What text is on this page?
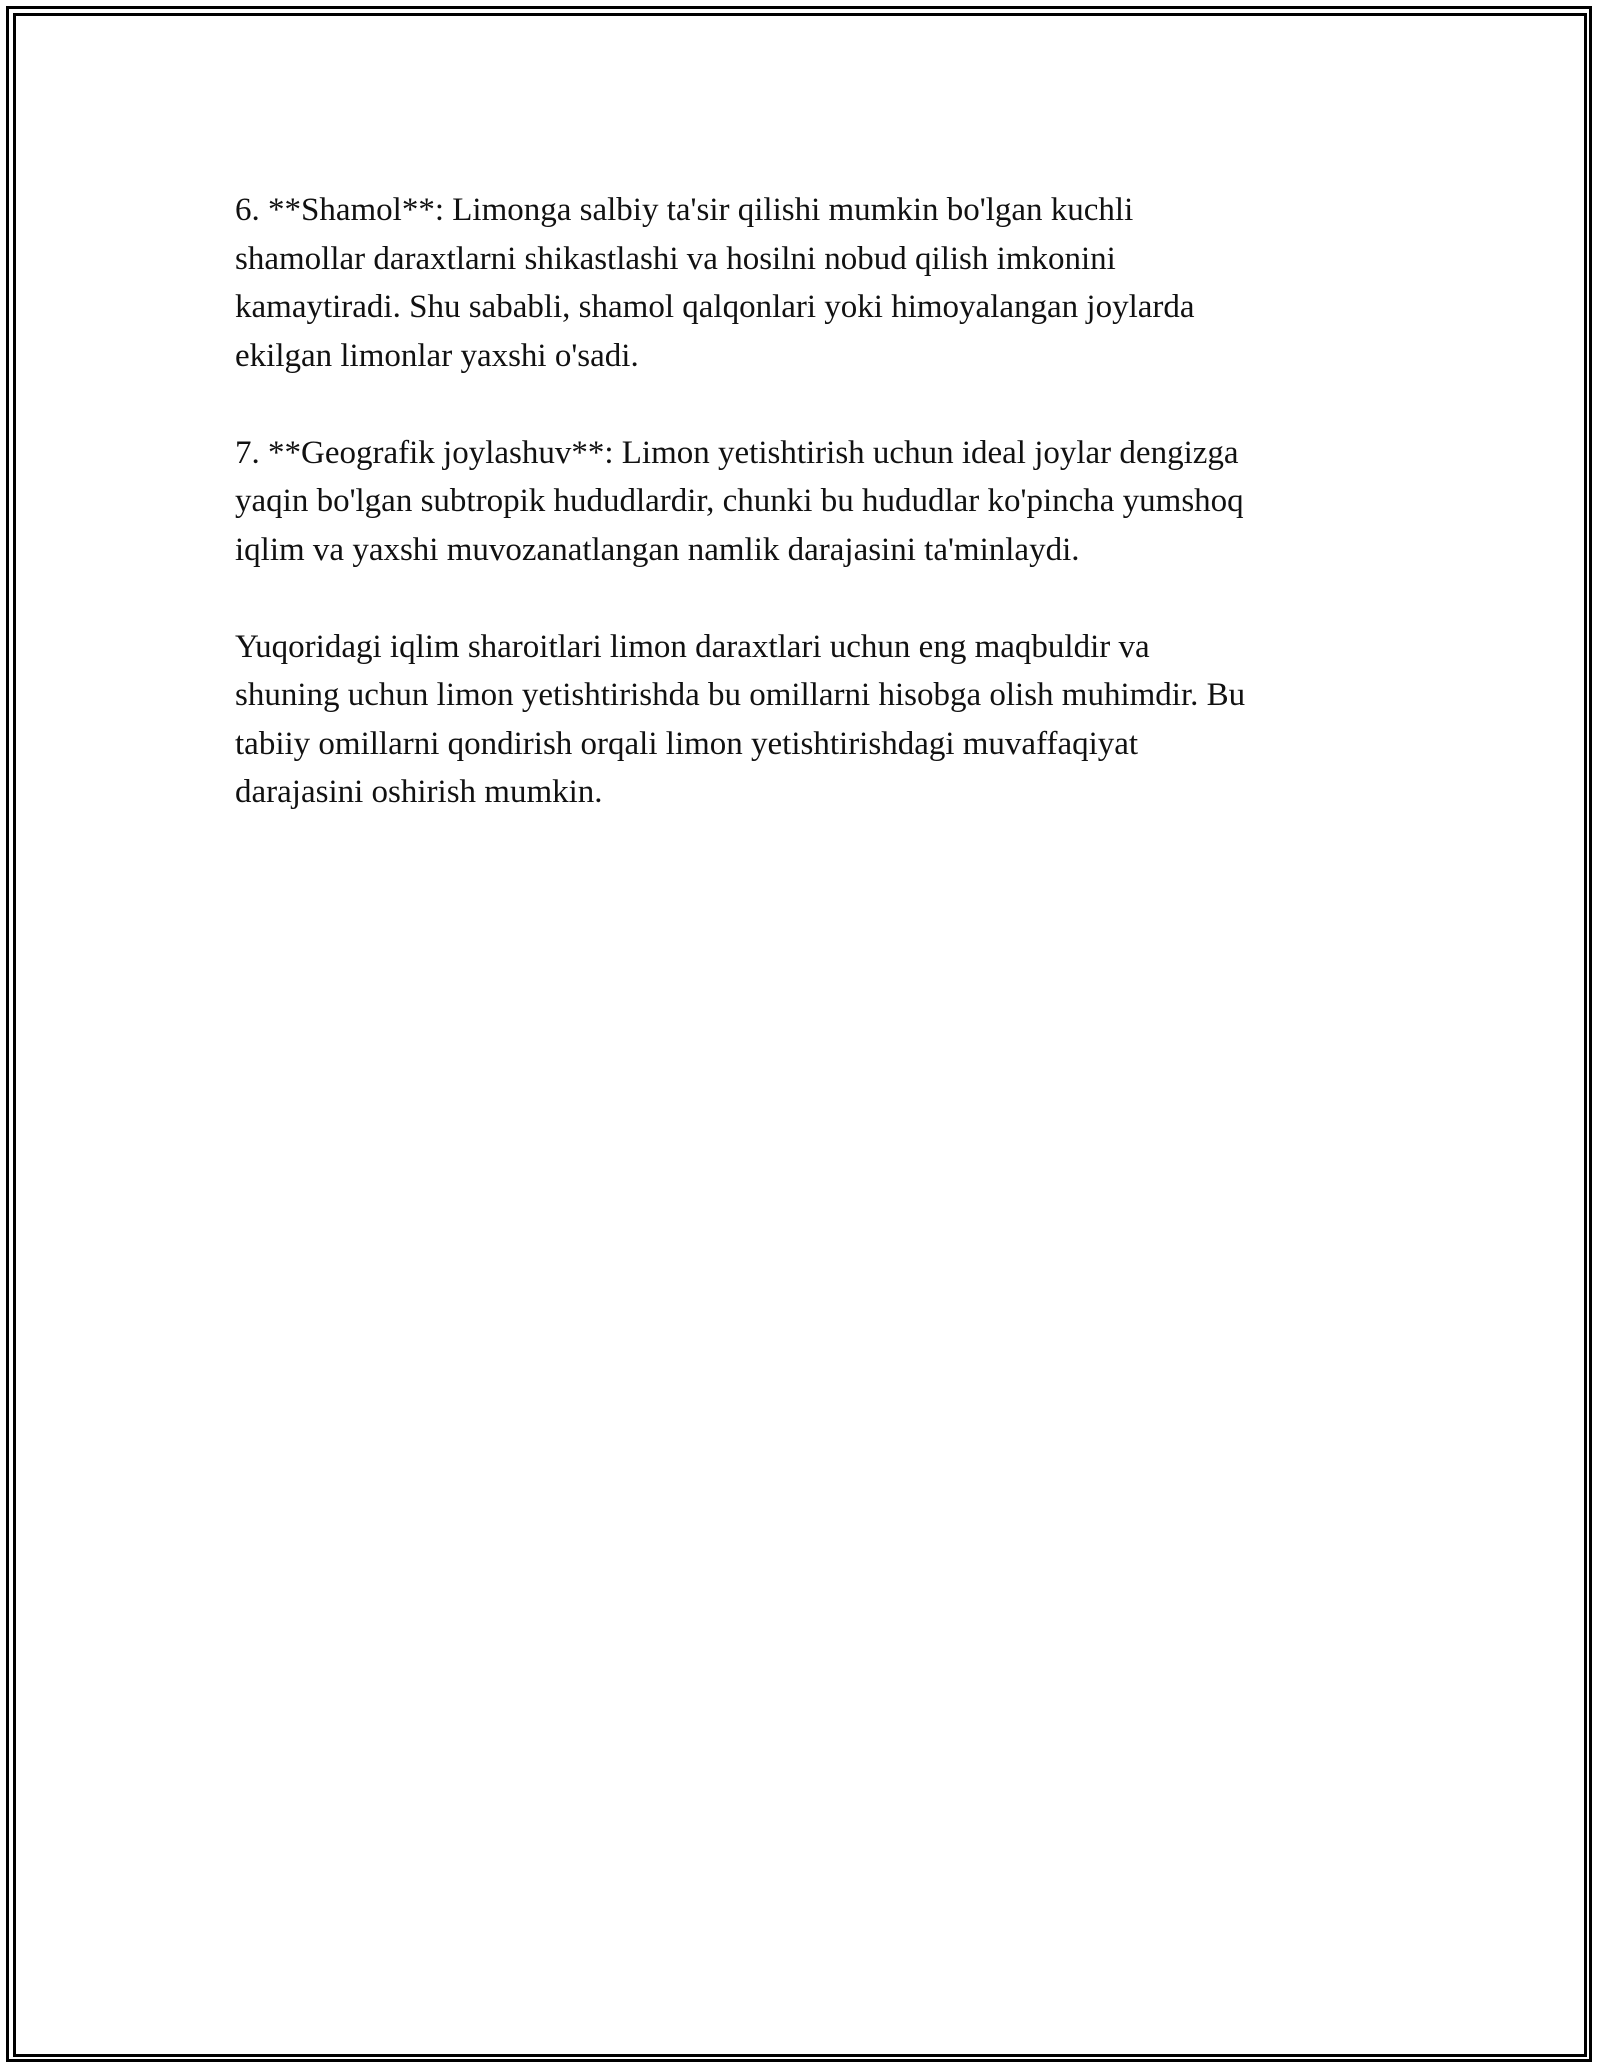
6. **Shamol**: Limonga salbiy ta'sir qilishi mumkin bo'lgan kuchli
shamollar daraxtlarni shikastlashi va hosilni nobud qilish imkonini
kamaytiradi. Shu sababli, shamol qalqonlari yoki himoyalangan joylarda
ekilgan limonlar yaxshi o'sadi.

7. **Geografik joylashuv**: Limon yetishtirish uchun ideal joylar dengizga
yaqin bo'lgan subtropik hududlardir, chunki bu hududlar ko'pincha yumshoq
iqlim va yaxshi muvozanatlangan namlik darajasini ta'minlaydi.

Yuqoridagi iqlim sharoitlari limon daraxtlari uchun eng maqbuldir va
shuning uchun limon yetishtirishda bu omillarni hisobga olish muhimdir. Bu
tabiiy omillarni qondirish orqali limon yetishtirishdagi muvaffaqiyat
darajasini oshirish mumkin.
